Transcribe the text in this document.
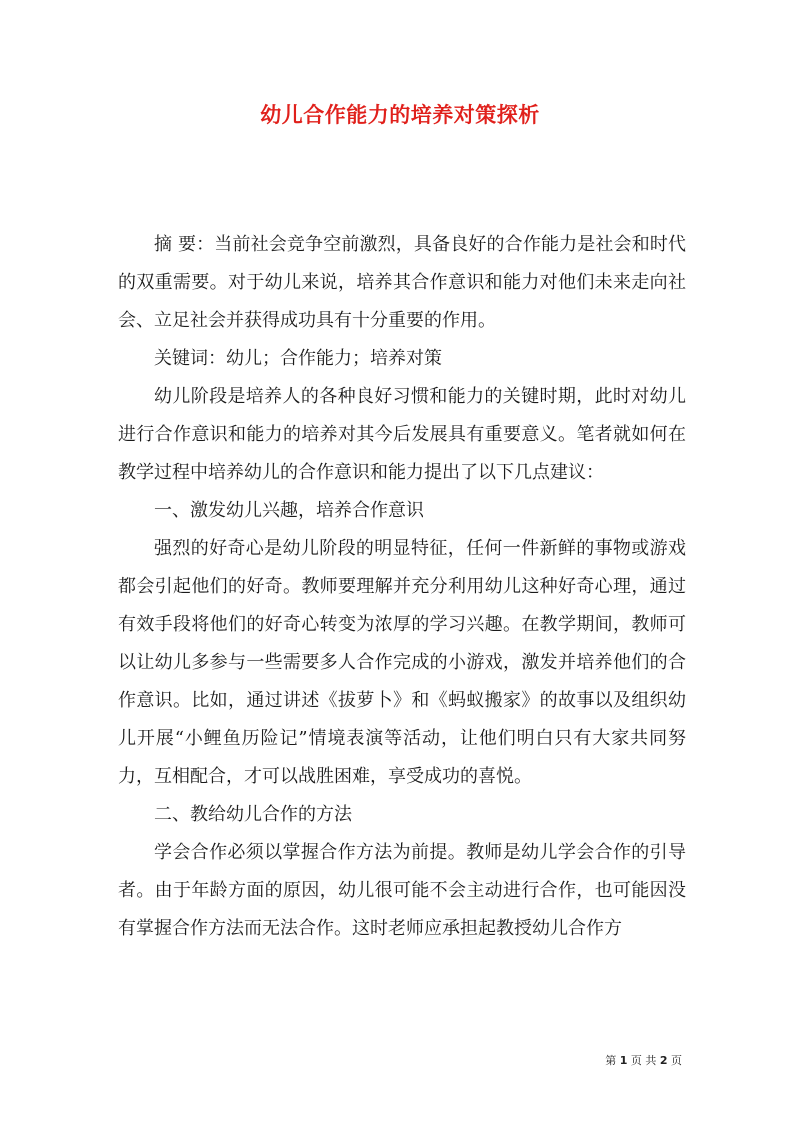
幼儿合作能力的培养对策探析

摘 要：当前社会竞争空前激烈，具备良好的合作能力是社会和时代的双重需要。对于幼儿来说，培养其合作意识和能力对他们未来走向社会、立足社会并获得成功具有十分重要的作用。

关键词：幼儿；合作能力；培养对策

幼儿阶段是培养人的各种良好习惯和能力的关键时期，此时对幼儿进行合作意识和能力的培养对其今后发展具有重要意义。笔者就如何在教学过程中培养幼儿的合作意识和能力提出了以下几点建议：

一、激发幼儿兴趣，培养合作意识

强烈的好奇心是幼儿阶段的明显特征，任何一件新鲜的事物或游戏都会引起他们的好奇。教师要理解并充分利用幼儿这种好奇心理，通过有效手段将他们的好奇心转变为浓厚的学习兴趣。在教学期间，教师可以让幼儿多参与一些需要多人合作完成的小游戏，激发并培养他们的合作意识。比如，通过讲述《拔萝卜》和《蚂蚁搬家》的故事以及组织幼儿开展“小鲤鱼历险记”情境表演等活动，让他们明白只有大家共同努力，互相配合，才可以战胜困难，享受成功的喜悦。

二、教给幼儿合作的方法

学会合作必须以掌握合作方法为前提。教师是幼儿学会合作的引导者。由于年龄方面的原因，幼儿很可能不会主动进行合作，也可能因没有掌握合作方法而无法合作。这时老师应承担起教授幼儿合作方

第 1 页 共 2 页
